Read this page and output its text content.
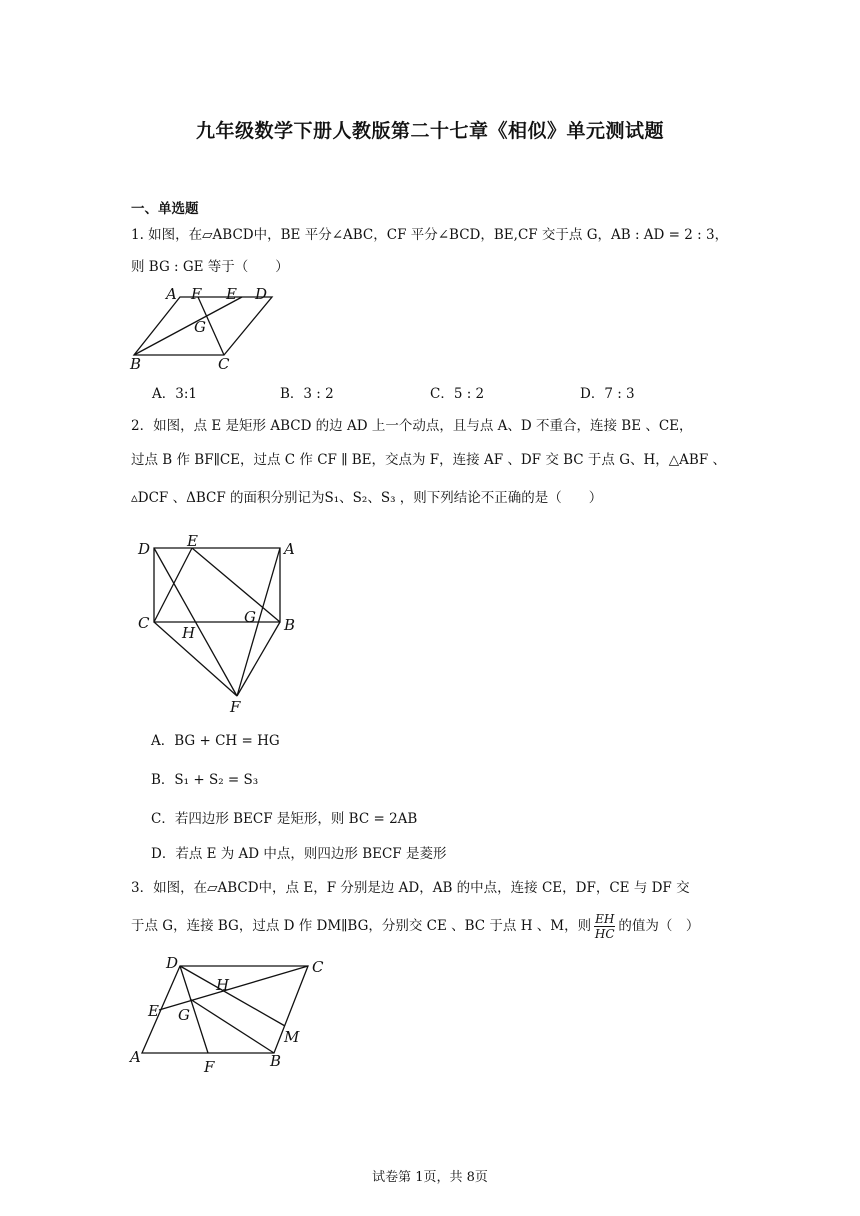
九年级数学下册人教版第二十七章《相似》单元测试题
一、单选题
1. 如图，在▱ABCD中，BE 平分∠ABC，CF 平分∠BCD，BE,CF 交于点 G，AB : AD = 2 : 3，
则 BG : GE 等于（　　）
A F E D
G
B	C
A．3:1	B．3 : 2	C．5 : 2	D．7 : 3
2．如图，点 E 是矩形 ABCD 的边 AD 上一个动点，且与点 A、D 不重合，连接 BE 、CE，
过点 B 作 BF∥CE，过点 C 作 CF ∥ BE，交点为 F，连接 AF 、DF 交 BC 于点 G、H，△ABF 、
▵DCF 、ΔBCF 的面积分别记为S₁、S₂、S₃ ，则下列结论不正确的是（　　）
D E	A
C
H
G B
F
A．BG + CH = HG
B．S₁ + S₂ = S₃
C．若四边形 BECF 是矩形，则 BC = 2AB
D．若点 E 为 AD 中点，则四边形 BECF 是菱形
3．如图，在▱ABCD中，点 E，F 分别是边 AD，AB 的中点，连接 CE，DF，CE 与 DF 交
于点 G，连接 BG，过点 D 作 DM∥BG，分别交 CE 、BC 于点 H 、M，则 $\frac{EH}{HC}$ 的值为（　）
D	C
H
E G
M
A
F	B
试卷第 1页，共 8页
